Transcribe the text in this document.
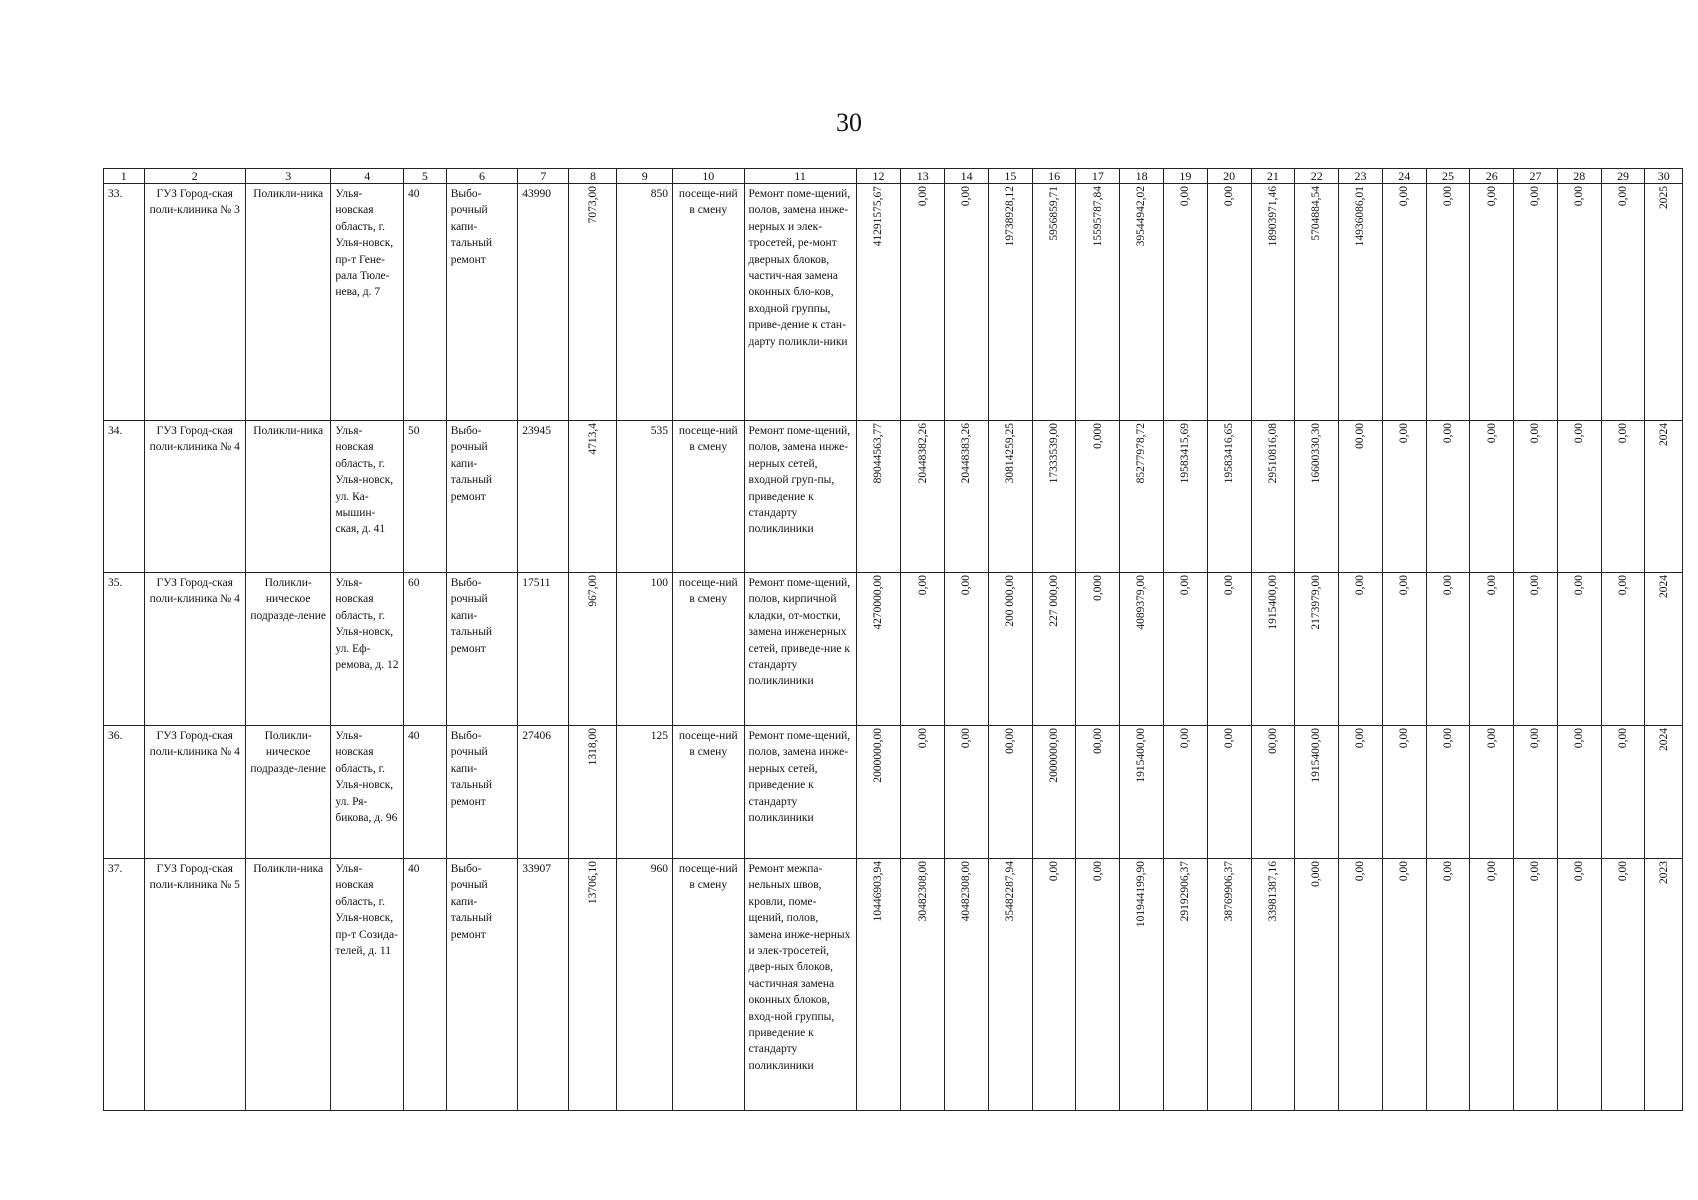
30
1	2	3	4	5	6	7	8	9	10	11	12	13	14	15	16	17	18	19	20	21	22	23	24	25	26	27	28	29	30
33.	ГУЗ Город-ская поли-клиника № 3	Поликли-ника	Улья-новская область, г. Улья-новск, пр-т Гене-рала Тюле-нева, д. 7	40	Выбо-рочный капи-тальный ремонт	43990	7073,00	850	посеще-ний в смену	Ремонт поме-щений, полов, замена инже-нерных и элек-тросетей, ре-монт дверных блоков, частич-ная замена оконных бло-ков, входной группы, приве-дение к стан-дарту поликли-ники	41291575,67	0,00	0,00	19738928,12	5956859,71	15595787,84	39544942,02	0,00	0,00	18903971,46	5704884,54	14936086,01	0,00	0,00	0,00	0,00	0,00	0,00	2025
34.	ГУЗ Город-ская поли-клиника № 4	Поликли-ника	Улья-новская область, г. Улья-новск, ул. Ка-мышин-ская, д. 41	50	Выбо-рочный капи-тальный ремонт	23945	4713,4	535	посеще-ний в смену	Ремонт поме-щений, полов, замена инже-нерных сетей, входной груп-пы, приведение к стандарту поликлиники	89044563,77	20448382,26	20448383,26	30814259,25	17333539,00	0,000	85277978,72	19583415,69	19583416,65	29510816,08	16600330,30	00,00	0,00	0,00	0,00	0,00	0,00	0,00	2024
35.	ГУЗ Город-ская поли-клиника № 4	Поликли-ническое подразде-ление	Улья-новская область, г. Улья-новск, ул. Еф-ремова, д. 12	60	Выбо-рочный капи-тальный ремонт	17511	967,00	100	посеще-ний в смену	Ремонт поме-щений, полов, кирпичной кладки, от-мостки, замена инженерных сетей, приведе-ние к стандарту поликлиники	4270000,00	0,00	0,00	200 000,00	227 000,00	0,000	4089379,00	0,00	0,00	1915400,00	2173979,00	0,00	0,00	0,00	0,00	0,00	0,00	0,00	2024
36.	ГУЗ Город-ская поли-клиника № 4	Поликли-ническое подразде-ление	Улья-новская область, г. Улья-новск, ул. Ря-бикова, д. 96	40	Выбо-рочный капи-тальный ремонт	27406	1318,00	125	посеще-ний в смену	Ремонт поме-щений, полов, замена инже-нерных сетей, приведение к стандарту поликлиники	2000000,00	0,00	0,00	00,00	2000000,00	00,00	1915400,00	0,00	0,00	00,00	1915400,00	0,00	0,00	0,00	0,00	0,00	0,00	0,00	2024
37.	ГУЗ Город-ская поли-клиника № 5	Поликли-ника	Улья-новская область, г. Улья-новск, пр-т Созида-телей, д. 11	40	Выбо-рочный капи-тальный ремонт	33907	13706,10	960	посеще-ний в смену	Ремонт межпа-нельных швов, кровли, поме-щений, полов, замена инже-нерных и элек-тросетей, двер-ных блоков, частичная замена оконных блоков, вход-ной группы, приведение к стандарту поликлиники	10446903,94	30482308,00	40482308,00	35482287,94	0,00	0,00	101944199,90	29192906,37	38769906,37	33981387,16	0,000	0,00	0,00	0,00	0,00	0,00	0,00	0,00	2023
